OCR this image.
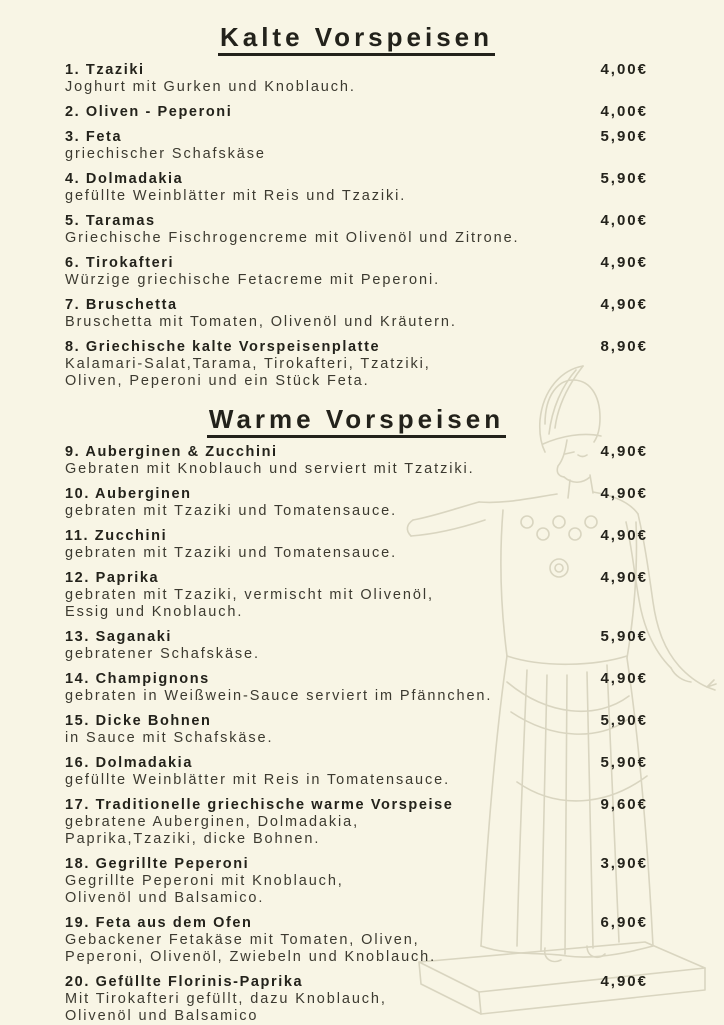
Kalte Vorspeisen
1. Tzaziki	4,00€
Joghurt mit Gurken und Knoblauch.
2. Oliven - Peperoni	4,00€
3. Feta	5,90€
griechischer Schafskäse
4. Dolmadakia	5,90€
gefüllte Weinblätter mit Reis und Tzaziki.
5. Taramas	4,00€
Griechische Fischrogencreme mit Olivenöl und Zitrone.
6. Tirokafteri	4,90€
Würzige griechische Fetacreme mit Peperoni.
7. Bruschetta	4,90€
Bruschetta mit Tomaten, Olivenöl und Kräutern.
8. Griechische kalte Vorspeisenplatte	8,90€
Kalamari-Salat,Tarama, Tirokafteri, Tzatziki,
Oliven, Peperoni und ein Stück Feta.
Warme Vorspeisen
9. Auberginen & Zucchini	4,90€
Gebraten mit Knoblauch und serviert mit Tzatziki.
10. Auberginen	4,90€
gebraten mit Tzaziki und Tomatensauce.
11. Zucchini	4,90€
gebraten mit Tzaziki und Tomatensauce.
12. Paprika	4,90€
gebraten mit Tzaziki, vermischt mit Olivenöl,
Essig und Knoblauch.
13. Saganaki	5,90€
gebratener Schafskäse.
14. Champignons	4,90€
gebraten in Weißwein-Sauce serviert im Pfännchen.
15. Dicke Bohnen	5,90€
in Sauce mit Schafskäse.
16. Dolmadakia	5,90€
gefüllte Weinblätter mit Reis in Tomatensauce.
17. Traditionelle griechische warme Vorspeise	9,60€
gebratene Auberginen, Dolmadakia,
Paprika,Tzaziki, dicke Bohnen.
18. Gegrillte Peperoni	3,90€
Gegrillte Peperoni mit Knoblauch,
Olivenöl und Balsamico.
19. Feta aus dem Ofen	6,90€
Gebackener Fetakäse mit Tomaten, Oliven,
Peperoni, Olivenöl, Zwiebeln und Knoblauch.
20. Gefüllte Florinis-Paprika	4,90€
Mit Tirokafteri gefüllt, dazu Knoblauch,
Olivenöl und Balsamico
